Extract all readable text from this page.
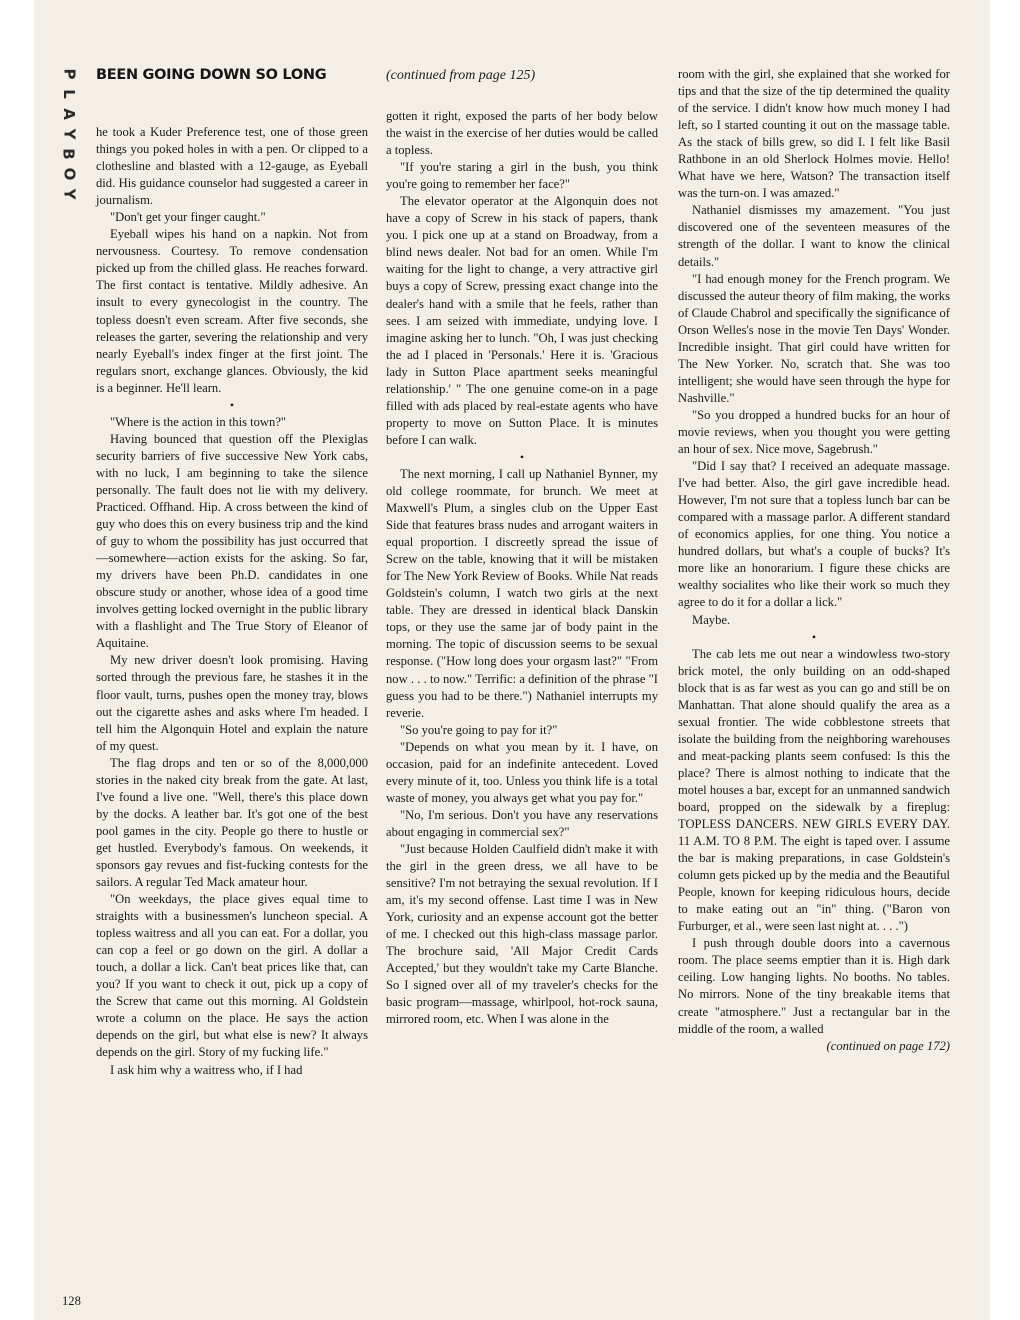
P
L
A
Y
B
O
Y
BEEN GOING DOWN SO LONG	(continued from page 125)

he took a Kuder Preference test, one of those green things you poked holes in with a pen. Or clipped to a clothesline and blasted with a 12-gauge, as Eyeball did. His guidance counselor had suggested a career in journalism.

"Don't get your finger caught."

Eyeball wipes his hand on a napkin. Not from nervousness. Courtesy. To remove condensation picked up from the chilled glass. He reaches forward. The first contact is tentative. Mildly adhesive. An insult to every gynecologist in the country. The topless doesn't even scream. After five seconds, she releases the garter, severing the relationship and very nearly Eyeball's index finger at the first joint. The regulars snort, exchange glances. Obviously, the kid is a beginner. He'll learn.

•

"Where is the action in this town?"

Having bounced that question off the Plexiglas security barriers of five successive New York cabs, with no luck, I am beginning to take the silence personally. The fault does not lie with my delivery. Practiced. Offhand. Hip. A cross between the kind of guy who does this on every business trip and the kind of guy to whom the possibility has just occurred that—somewhere—action exists for the asking. So far, my drivers have been Ph.D. candidates in one obscure study or another, whose idea of a good time involves getting locked overnight in the public library with a flashlight and The True Story of Eleanor of Aquitaine.

My new driver doesn't look promising. Having sorted through the previous fare, he stashes it in the floor vault, turns, pushes open the money tray, blows out the cigarette ashes and asks where I'm headed. I tell him the Algonquin Hotel and explain the nature of my quest.

The flag drops and ten or so of the 8,000,000 stories in the naked city break from the gate. At last, I've found a live one. "Well, there's this place down by the docks. A leather bar. It's got one of the best pool games in the city. People go there to hustle or get hustled. Everybody's famous. On weekends, it sponsors gay revues and fist-fucking contests for the sailors. A regular Ted Mack amateur hour.

"On weekdays, the place gives equal time to straights with a businessmen's luncheon special. A topless waitress and all you can eat. For a dollar, you can cop a feel or go down on the girl. A dollar a touch, a dollar a lick. Can't beat prices like that, can you? If you want to check it out, pick up a copy of the Screw that came out this morning. Al Goldstein wrote a column on the place. He says the action depends on the girl, but what else is new? It always depends on the girl. Story of my fucking life."

I ask him why a waitress who, if I had

gotten it right, exposed the parts of her body below the waist in the exercise of her duties would be called a topless.

"If you're staring a girl in the bush, you think you're going to remember her face?"

The elevator operator at the Algonquin does not have a copy of Screw in his stack of papers, thank you. I pick one up at a stand on Broadway, from a blind news dealer. Not bad for an omen. While I'm waiting for the light to change, a very attractive girl buys a copy of Screw, pressing exact change into the dealer's hand with a smile that he feels, rather than sees. I am seized with immediate, undying love. I imagine asking her to lunch. "Oh, I was just checking the ad I placed in 'Personals.' Here it is. 'Gracious lady in Sutton Place apartment seeks meaningful relationship.' " The one genuine come-on in a page filled with ads placed by real-estate agents who have property to move on Sutton Place. It is minutes before I can walk.

•

The next morning, I call up Nathaniel Bynner, my old college roommate, for brunch. We meet at Maxwell's Plum, a singles club on the Upper East Side that features brass nudes and arrogant waiters in equal proportion. I discreetly spread the issue of Screw on the table, knowing that it will be mistaken for The New York Review of Books. While Nat reads Goldstein's column, I watch two girls at the next table. They are dressed in identical black Danskin tops, or they use the same jar of body paint in the morning. The topic of discussion seems to be sexual response. ("How long does your orgasm last?" "From now . . . to now." Terrific: a definition of the phrase "I guess you had to be there.") Nathaniel interrupts my reverie.

"So you're going to pay for it?"

"Depends on what you mean by it. I have, on occasion, paid for an indefinite antecedent. Loved every minute of it, too. Unless you think life is a total waste of money, you always get what you pay for."

"No, I'm serious. Don't you have any reservations about engaging in commercial sex?"

"Just because Holden Caulfield didn't make it with the girl in the green dress, we all have to be sensitive? I'm not betraying the sexual revolution. If I am, it's my second offense. Last time I was in New York, curiosity and an expense account got the better of me. I checked out this high-class massage parlor. The brochure said, 'All Major Credit Cards Accepted,' but they wouldn't take my Carte Blanche. So I signed over all of my traveler's checks for the basic program—massage, whirlpool, hot-rock sauna, mirrored room, etc. When I was alone in the

room with the girl, she explained that she worked for tips and that the size of the tip determined the quality of the service. I didn't know how much money I had left, so I started counting it out on the massage table. As the stack of bills grew, so did I. I felt like Basil Rathbone in an old Sherlock Holmes movie. Hello! What have we here, Watson? The transaction itself was the turn-on. I was amazed."

Nathaniel dismisses my amazement. "You just discovered one of the seventeen measures of the strength of the dollar. I want to know the clinical details."

"I had enough money for the French program. We discussed the auteur theory of film making, the works of Claude Chabrol and specifically the significance of Orson Welles's nose in the movie Ten Days' Wonder. Incredible insight. That girl could have written for The New Yorker. No, scratch that. She was too intelligent; she would have seen through the hype for Nashville."

"So you dropped a hundred bucks for an hour of movie reviews, when you thought you were getting an hour of sex. Nice move, Sagebrush."

"Did I say that? I received an adequate massage. I've had better. Also, the girl gave incredible head. However, I'm not sure that a topless lunch bar can be compared with a massage parlor. A different standard of economics applies, for one thing. You notice a hundred dollars, but what's a couple of bucks? It's more like an honorarium. I figure these chicks are wealthy socialites who like their work so much they agree to do it for a dollar a lick."

Maybe.

•

The cab lets me out near a windowless two-story brick motel, the only building on an odd-shaped block that is as far west as you can go and still be on Manhattan. That alone should qualify the area as a sexual frontier. The wide cobblestone streets that isolate the building from the neighboring warehouses and meat-packing plants seem confused: Is this the place? There is almost nothing to indicate that the motel houses a bar, except for an unmanned sandwich board, propped on the sidewalk by a fireplug: TOPLESS DANCERS. NEW GIRLS EVERY DAY. 11 A.M. TO 8 P.M. The eight is taped over. I assume the bar is making preparations, in case Goldstein's column gets picked up by the media and the Beautiful People, known for keeping ridiculous hours, decide to make eating out an "in" thing. ("Baron von Furburger, et al., were seen last night at. . . .")

I push through double doors into a cavernous room. The place seems emptier than it is. High dark ceiling. Low hanging lights. No booths. No tables. No mirrors. None of the tiny breakable items that create "atmosphere." Just a rectangular bar in the middle of the room, a walled

(continued on page 172)

128
